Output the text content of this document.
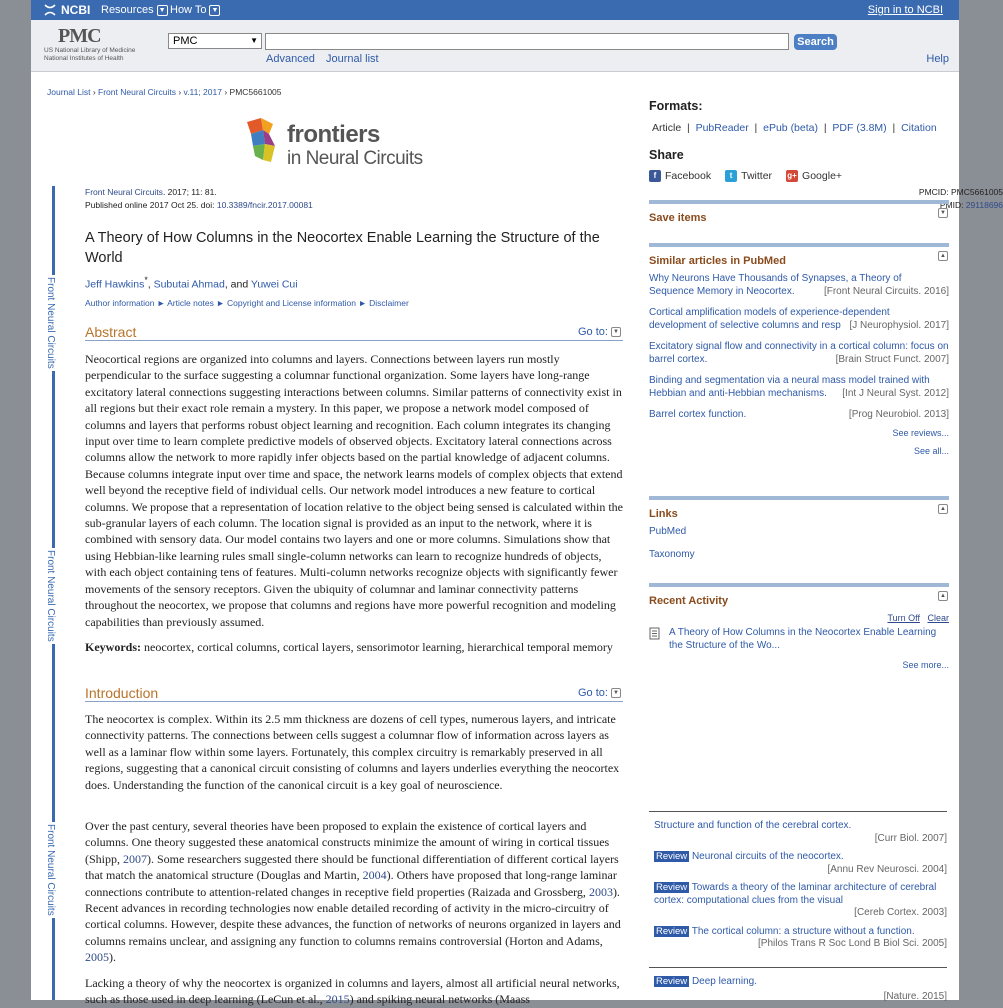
NCBI Resources ▼ How To ▼	Sign in to NCBI
PMC
US National Library of Medicine
National Institutes of Health
PMC	▼	Search
Advanced Journal list	Help
Journal List › Front Neural Circuits › v.11; 2017 › PMC5661005
frontiers
in Neural Circuits
Front Neural Circuits
Front Neural Circuits
Front Neural Circuits
Front Neural Circuits. 2017; 11: 81.
Published online 2017 Oct 25. doi: 10.3389/fncir.2017.00081
PMCID: PMC5661005
PMID: 29118696
A Theory of How Columns in the Neocortex Enable Learning the Structure of the World
Jeff Hawkins*, Subutai Ahmad, and Yuwei Cui
Author information ► Article notes ► Copyright and License information ► Disclaimer
Abstract	Go to: ▼
Neocortical regions are organized into columns and layers. Connections between layers run mostly perpendicular to the surface suggesting a columnar functional organization. Some layers have long-range excitatory lateral connections suggesting interactions between columns. Similar patterns of connectivity exist in all regions but their exact role remain a mystery. In this paper, we propose a network model composed of columns and layers that performs robust object learning and recognition. Each column integrates its changing input over time to learn complete predictive models of observed objects. Excitatory lateral connections across columns allow the network to more rapidly infer objects based on the partial knowledge of adjacent columns. Because columns integrate input over time and space, the network learns models of complex objects that extend well beyond the receptive field of individual cells. Our network model introduces a new feature to cortical columns. We propose that a representation of location relative to the object being sensed is calculated within the sub-granular layers of each column. The location signal is provided as an input to the network, where it is combined with sensory data. Our model contains two layers and one or more columns. Simulations show that using Hebbian-like learning rules small single-column networks can learn to recognize hundreds of objects, with each object containing tens of features. Multi-column networks recognize objects with significantly fewer movements of the sensory receptors. Given the ubiquity of columnar and laminar connectivity patterns throughout the neocortex, we propose that columns and regions have more powerful recognition and modeling capabilities than previously assumed.
Keywords: neocortex, cortical columns, cortical layers, sensorimotor learning, hierarchical temporal memory
Introduction	Go to: ▼
The neocortex is complex. Within its 2.5 mm thickness are dozens of cell types, numerous layers, and intricate connectivity patterns. The connections between cells suggest a columnar flow of information across layers as well as a laminar flow within some layers. Fortunately, this complex circuitry is remarkably preserved in all regions, suggesting that a canonical circuit consisting of columns and layers underlies everything the neocortex does. Understanding the function of the canonical circuit is a key goal of neuroscience.
Over the past century, several theories have been proposed to explain the existence of cortical layers and columns. One theory suggested these anatomical constructs minimize the amount of wiring in cortical tissues (Shipp, 2007). Some researchers suggested there should be functional differentiation of different cortical layers that match the anatomical structure (Douglas and Martin, 2004). Others have proposed that long-range laminar connections contribute to attention-related changes in receptive field properties (Raizada and Grossberg, 2003). Recent advances in recording technologies now enable detailed recording of activity in the micro-circuitry of cortical columns. However, despite these advances, the function of networks of neurons organized in layers and columns remains unclear, and assigning any function to columns remains controversial (Horton and Adams, 2005).
Lacking a theory of why the neocortex is organized in columns and layers, almost all artificial neural networks, such as those used in deep learning (LeCun et al., 2015) and spiking neural networks (Maass
Formats:
Article  |  PubReader  |  ePub (beta)  |  PDF (3.8M)  |  Citation
Share
f Facebook	t Twitter g+ Google+
Save items	▼
Similar articles in PubMed	▲
Why Neurons Have Thousands of Synapses, a Theory of Sequence Memory in Neocortex.	[Front Neural Circuits. 2016]
Cortical amplification models of experience-dependent development of selective columns and resp [J Neurophysiol. 2017]
Excitatory signal flow and connectivity in a cortical column: focus on barrel cortex.	[Brain Struct Funct. 2007]
Binding and segmentation via a neural mass model trained with Hebbian and anti-Hebbian mechanisms. [Int J Neural Syst. 2012]
Barrel cortex function.	[Prog Neurobiol. 2013]
See reviews...
See all...
Links	▲
PubMed
Taxonomy
Recent Activity	▲
Turn Off Clear
A Theory of How Columns in the Neocortex Enable Learning the Structure of the Wo...
See more...
Structure and function of the cerebral cortex.
[Curr Biol. 2007]
Review Neuronal circuits of the neocortex.
[Annu Rev Neurosci. 2004]
Review Towards a theory of the laminar architecture of cerebral cortex: computational clues from the visual
[Cereb Cortex. 2003]
Review The cortical column: a structure without a function.
[Philos Trans R Soc Lond B Biol Sci. 2005]
Review Deep learning.
[Nature. 2015]
